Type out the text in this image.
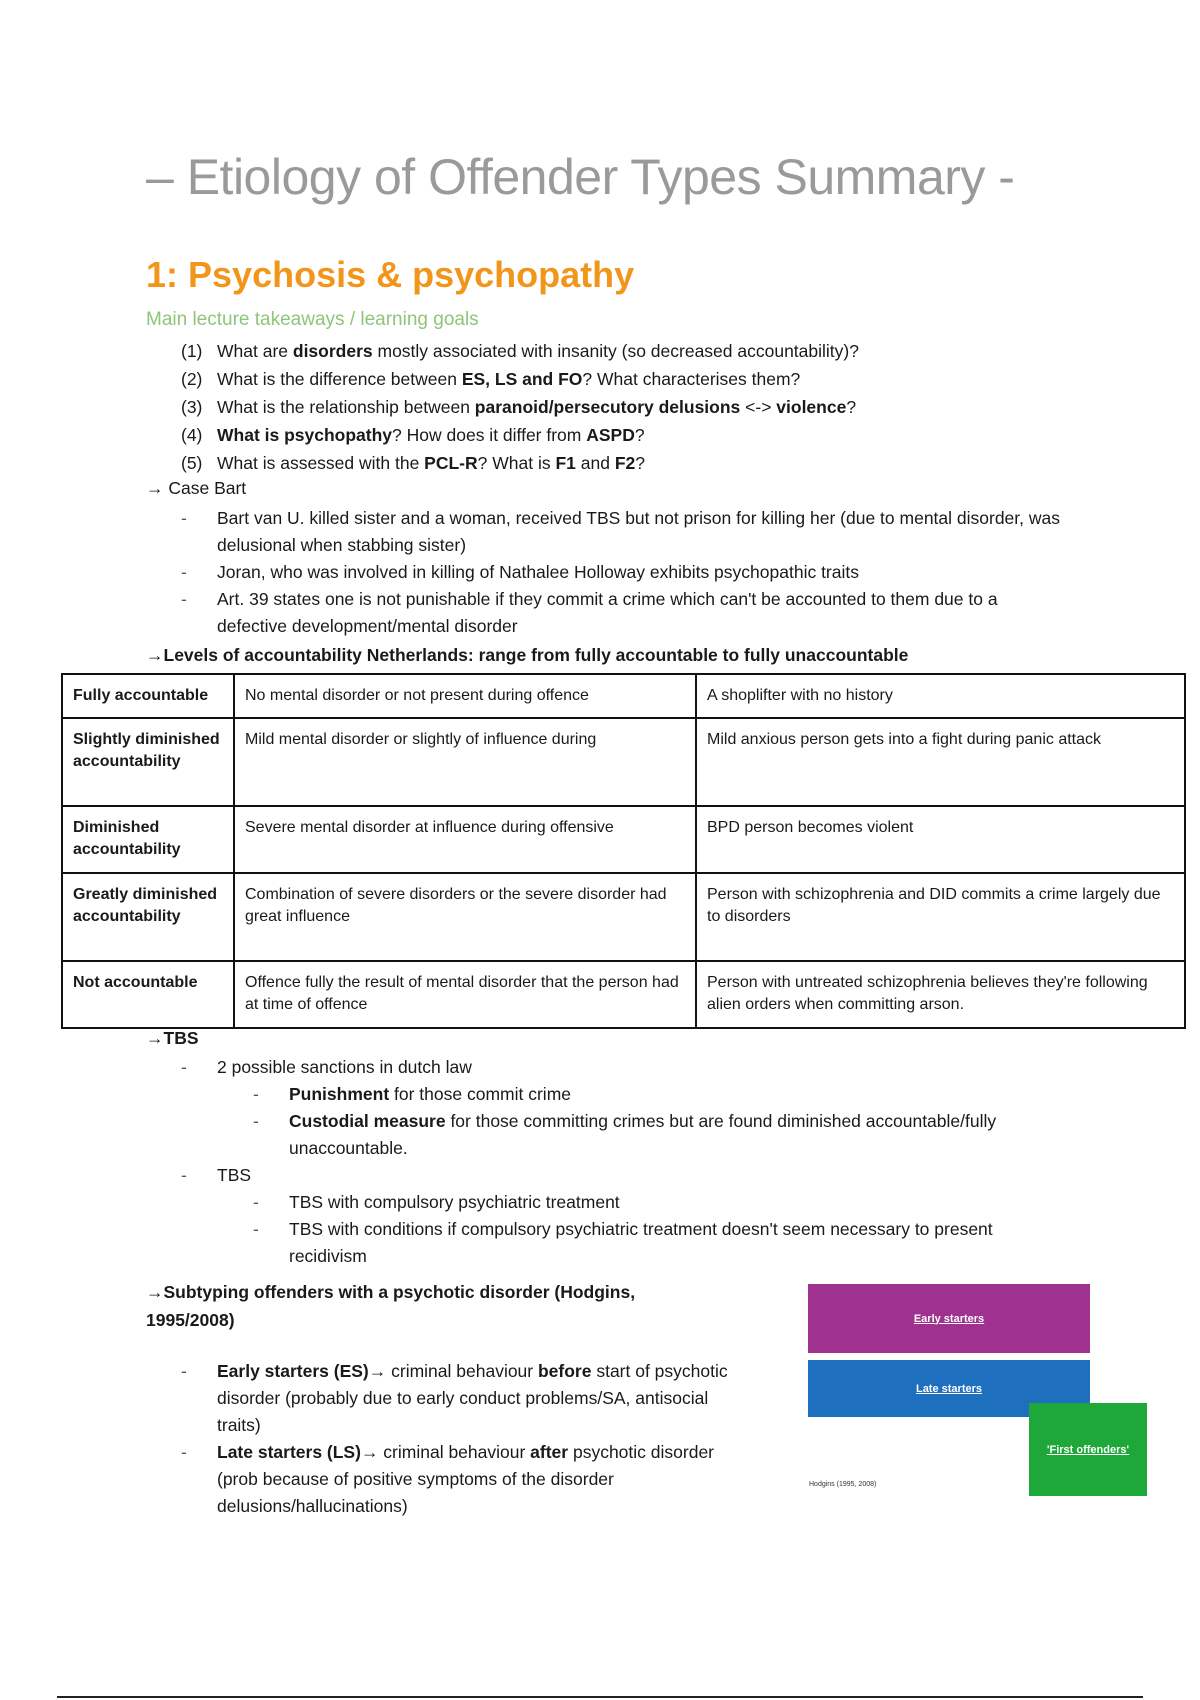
– Etiology of Offender Types Summary -
1: Psychosis & psychopathy
Main lecture takeaways / learning goals
(1) What are disorders mostly associated with insanity (so decreased accountability)?
(2) What is the difference between ES, LS and FO? What characterises them?
(3) What is the relationship between paranoid/persecutory delusions <-> violence?
(4) What is psychopathy? How does it differ from ASPD?
(5) What is assessed with the PCL-R? What is F1 and F2?

→ Case Bart

- Bart van U. killed sister and a woman, received TBS but not prison for killing her (due to mental disorder, was delusional when stabbing sister)
- Joran, who was involved in killing of Nathalee Holloway exhibits psychopathic traits
- Art. 39 states one is not punishable if they commit a crime which can't be accounted to them due to a defective development/mental disorder

→Levels of accountability Netherlands: range from fully accountable to fully unaccountable

Fully accountable	No mental disorder or not present during offence	A shoplifter with no history
Slightly diminished accountability	Mild mental disorder or slightly of influence during	Mild anxious person gets into a fight during panic attack
Diminished accountability	Severe mental disorder at influence during offensive	BPD person becomes violent
Greatly diminished accountability	Combination of severe disorders or the severe disorder had great influence	Person with schizophrenia and DID commits a crime largely due to disorders
Not accountable	Offence fully the result of mental disorder that the person had at time of offence	Person with untreated schizophrenia believes they're following alien orders when committing arson.

→TBS

- 2 possible sanctions in dutch law
- Punishment for those commit crime
- Custodial measure for those committing crimes but are found diminished accountable/fully unaccountable.
- TBS
- TBS with compulsory psychiatric treatment
- TBS with conditions if compulsory psychiatric treatment doesn't seem necessary to present recidivism

→Subtyping offenders with a psychotic disorder (Hodgins, 1995/2008)

- Early starters (ES)→ criminal behaviour before start of psychotic disorder (probably due to early conduct problems/SA, antisocial traits)
- Late starters (LS)→ criminal behaviour after psychotic disorder (prob because of positive symptoms of the disorder delusions/hallucinations)
Early starters
Late starters
'First offenders'
Hodgins (1995, 2008)
